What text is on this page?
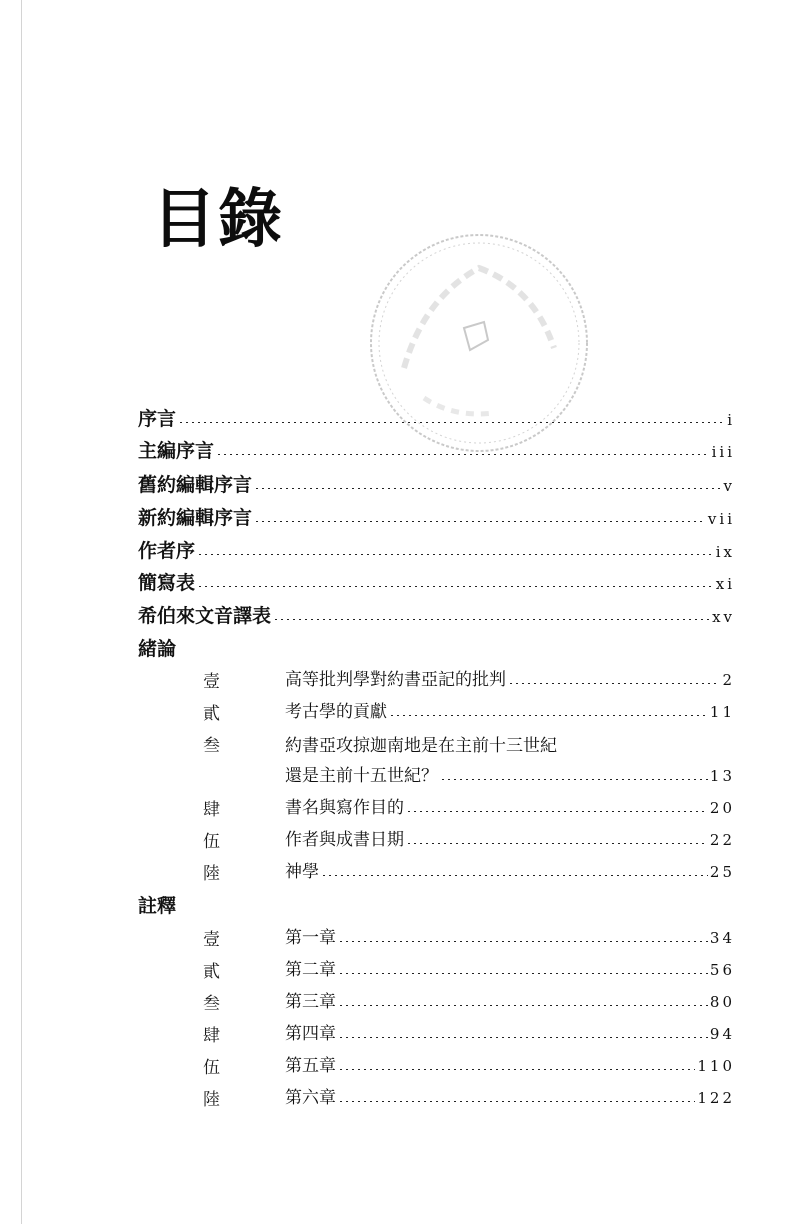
目錄
序言	i
主編序言	iii
舊約編輯序言	v
新約編輯序言	vii
作者序	ix
簡寫表	xi
希伯來文音譯表	xv
緒論
壹	高等批判學對約書亞記的批判	2
貳	考古學的貢獻	11
叁	約書亞攻掠迦南地是在主前十三世紀
還是主前十五世紀？	13
肆	書名與寫作目的	20
伍	作者與成書日期	22
陸	神學	25
註釋
壹	第一章	34
貳	第二章	56
叁	第三章	80
肆	第四章	94
伍	第五章	110
陸	第六章	122
